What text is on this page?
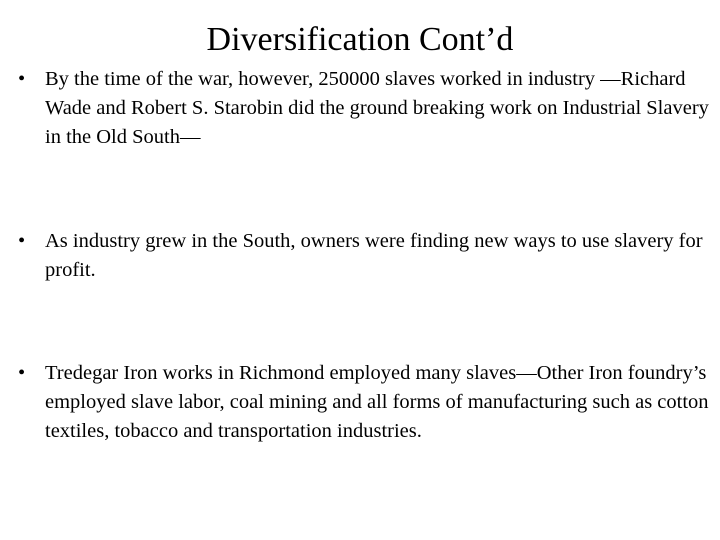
Diversification Cont’d
• By the time of the war, however, 250000 slaves worked in industry —Richard Wade and Robert S. Starobin did the ground breaking work on Industrial Slavery in the Old South—
• As industry grew in the South, owners were finding new ways to use slavery for profit.
• Tredegar Iron works in Richmond employed many slaves—Other Iron foundry’s employed slave labor, coal mining and all forms of manufacturing such as cotton textiles, tobacco and transportation industries.
